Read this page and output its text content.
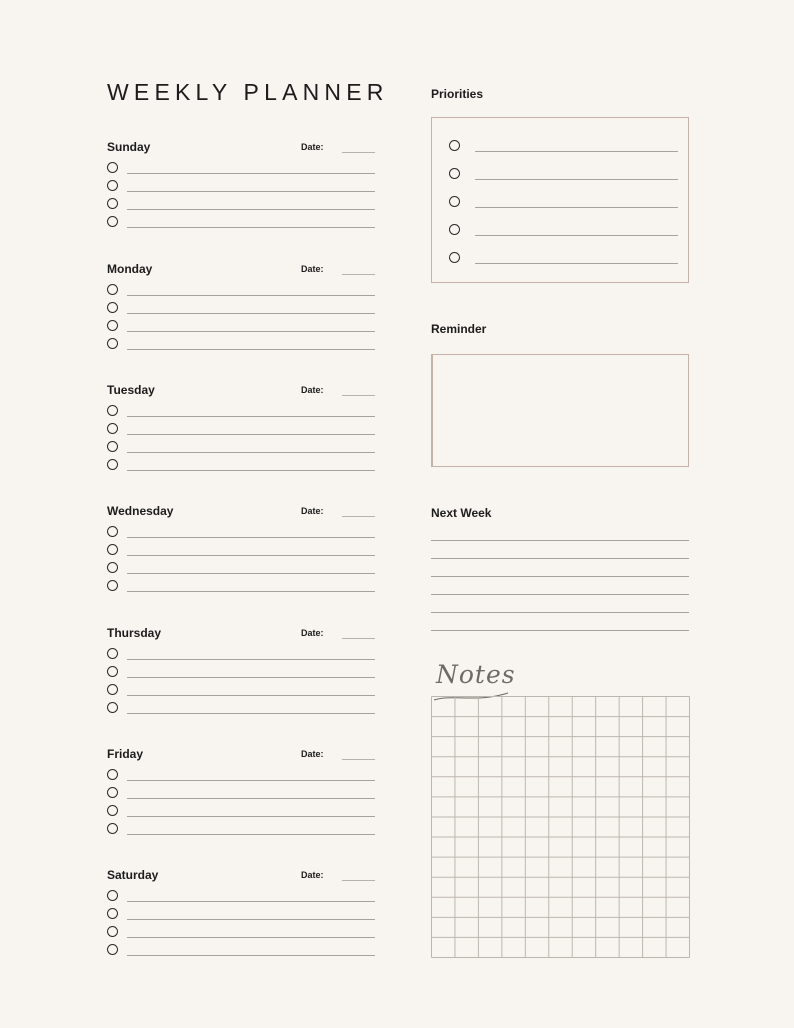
WEEKLY PLANNER
Sunday	Date:
Monday	Date:
Tuesday	Date:
Wednesday	Date:
Thursday	Date:
Friday	Date:
Saturday	Date:
Priorities
Reminder
Next Week
Notes
